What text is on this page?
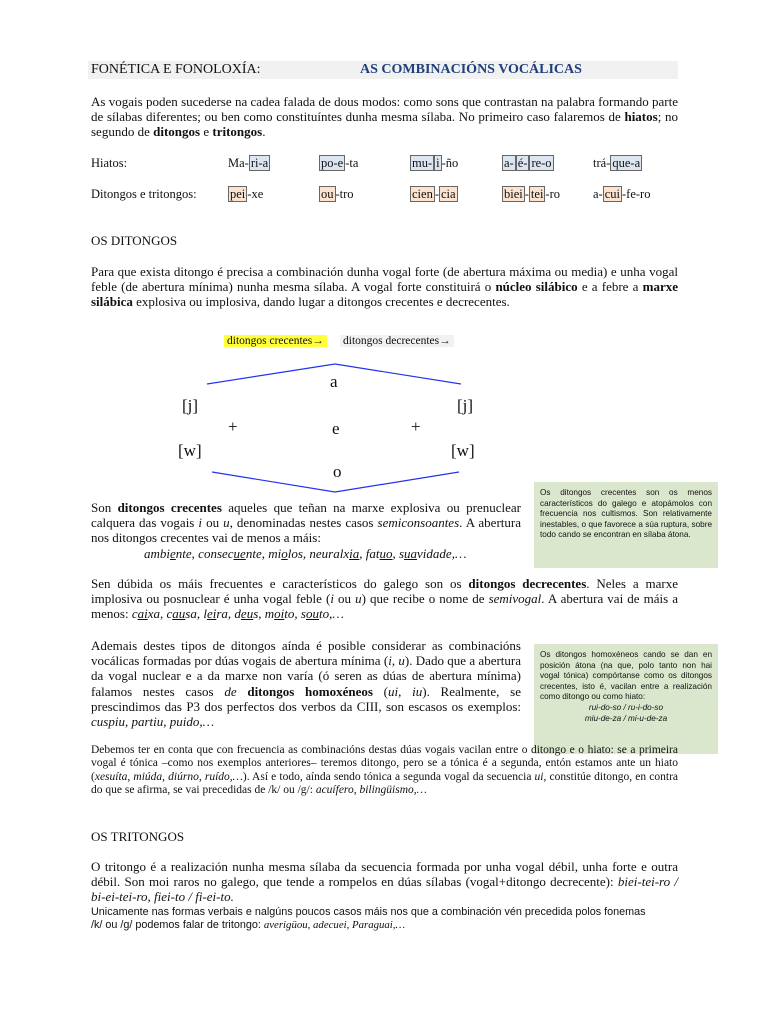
FONÉTICA E FONOLOXÍA:	AS COMBINACIÓNS VOCÁLICAS
As vogais poden sucederse na cadea falada de dous modos: como sons que contrastan na palabra formando parte de sílabas diferentes; ou ben como constituíntes dunha mesma sílaba. No primeiro caso falaremos de hiatos; no segundo de ditongos e tritongos.
Hiatos:	Ma- ri-a	po-e -ta	mu- i -ño	a- é- re-o	trá- que-a
Ditongos e tritongos:	pei -xe	ou -tro	cien - cia	biei - tei -ro	a- cui -fe-ro
OS DITONGOS
Para que exista ditongo é precisa a combinación dunha vogal forte (de abertura máxima ou media) e unha vogal feble (de abertura mínima) nunha mesma sílaba. A vogal forte constituirá o núcleo silábico e a febre a marxe silábica explosiva ou implosiva, dando lugar a ditongos crecentes e decrecentes.
ditongos crecentes→ ditongos decrecentes→
a
[j]	[j]
+	e	+
[w]	[w]
o
Son ditongos crecentes aqueles que teñan na marxe explosiva ou prenuclear calquera das vogais i ou u, denominadas nestes casos semiconsoantes. A abertura nos ditongos crecentes vai de menos a máis:
ambiente, consecuente, miolos, neuralxia, fatuo, suavidade,…
Os ditongos crecentes son os menos característicos do galego e atopámolos con frecuencia nos cultismos. Son relativamente inestables, o que favorece a súa ruptura, sobre todo cando se encontran en sílaba átona.
Sen dúbida os máis frecuentes e característicos do galego son os ditongos decrecentes. Neles a marxe implosiva ou posnuclear é unha vogal feble (i ou u) que recibe o nome de semivogal. A abertura vai de máis a menos: caixa, causa, leira, deus, moito, souto,…
Ademais destes tipos de ditongos aínda é posible considerar as combinacións vocálicas formadas por dúas vogais de abertura mínima (i, u). Dado que a abertura da vogal nuclear e a da marxe non varía (ó seren as dúas de abertura mínima) falamos nestes casos de ditongos homoxéneos (ui, iu). Realmente, se prescindimos das P3 dos perfectos dos verbos da CIII, son escasos os exemplos: cuspiu, partiu, puido,…
Os ditongos homoxéneos cando se dan en posición átona (na que, polo tanto non hai vogal tónica) compórtanse como os ditongos crecentes, isto é, vacilan entre a realización como ditongo ou como hiato:
rui-do-so / ru-i-do-so
miu-de-za / mi-u-de-za
Debemos ter en conta que con frecuencia as combinacións destas dúas vogais vacilan entre o ditongo e o hiato: se a primeira vogal é tónica –como nos exemplos anteriores– teremos ditongo, pero se a tónica é a segunda, entón estamos ante un hiato (xesuíta, miúda, diúrno, ruído,…). Así e todo, aínda sendo tónica a segunda vogal da secuencia ui, constitúe ditongo, en contra do que se afirma, se vai precedidas de /k/ ou /g/: acuífero, bilingüismo,…
OS TRITONGOS
O tritongo é a realización nunha mesma sílaba da secuencia formada por unha vogal débil, unha forte e outra débil. Son moi raros no galego, que tende a rompelos en dúas sílabas (vogal+ditongo decrecente): biei-tei-ro / bi-ei-tei-ro, fiei-to / fi-ei-to.
Unicamente nas formas verbais e nalgúns poucos casos máis nos que a combinación vén precedida polos fonemas /k/ ou /g/ podemos falar de tritongo: averigüou, adecuei, Paraguai,…
